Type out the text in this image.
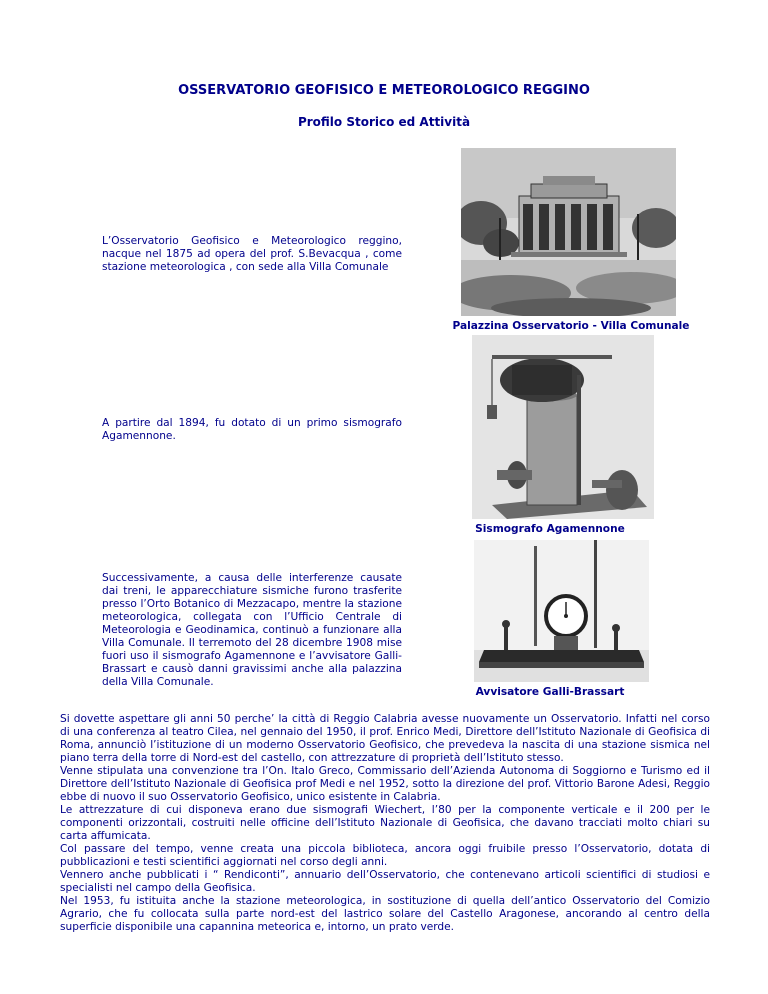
OSSERVATORIO GEOFISICO E METEOROLOGICO REGGINO
Profilo Storico ed Attività
L’Osservatorio Geofisico e Meteorologico reggino, nacque nel 1875 ad opera del prof. S.Bevacqua , come stazione meteorologica , con sede alla Villa Comunale
Palazzina Osservatorio - Villa Comunale
A partire dal 1894, fu dotato di un primo sismografo Agamennone.
Sismografo Agamennone
Successivamente, a causa delle interferenze causate dai treni, le apparecchiature sismiche furono trasferite presso l’Orto Botanico di Mezzacapo, mentre la stazione meteorologica, collegata con l’Ufficio Centrale di Meteorologia e Geodinamica, continuò a funzionare alla Villa Comunale. Il terremoto del 28 dicembre 1908 mise fuori uso il sismografo Agamennone e l’avvisatore Galli-Brassart e causò danni gravissimi anche alla palazzina della Villa Comunale.
Avvisatore Galli-Brassart
Si dovette aspettare gli anni 50 perche’ la città di Reggio Calabria avesse nuovamente un Osservatorio. Infatti nel corso di una conferenza al teatro Cilea, nel gennaio del 1950, il prof. Enrico Medi, Direttore dell’Istituto Nazionale di Geofisica di Roma, annunciò l’istituzione di un moderno Osservatorio Geofisico, che prevedeva la nascita di una stazione sismica nel piano terra della torre di Nord-est del castello, con attrezzature di proprietà dell’Istituto stesso.
Venne stipulata una convenzione tra l’On. Italo Greco, Commissario dell’Azienda Autonoma di Soggiorno e Turismo ed il Direttore dell’Istituto Nazionale di Geofisica prof Medi e nel 1952, sotto la direzione del prof. Vittorio Barone Adesi, Reggio ebbe di nuovo il suo Osservatorio Geofisico, unico esistente in Calabria.
Le attrezzature di cui disponeva erano due sismografi Wiechert, l’80 per la componente verticale e il 200 per le componenti orizzontali, costruiti nelle officine dell’Istituto Nazionale di Geofisica, che davano tracciati molto chiari su carta affumicata.
Col passare del tempo, venne creata una piccola biblioteca, ancora oggi fruibile presso l’Osservatorio, dotata di pubblicazioni e testi scientifici aggiornati nel corso degli anni.
Vennero anche pubblicati i “ Rendiconti”, annuario dell’Osservatorio, che contenevano articoli scientifici di studiosi e specialisti nel campo della Geofisica.
Nel 1953, fu istituita anche la stazione meteorologica, in sostituzione di quella dell’antico Osservatorio del Comizio Agrario, che fu collocata sulla parte nord-est del lastrico solare del Castello Aragonese, ancorando al centro della superficie disponibile una capannina meteorica e, intorno, un prato verde.
